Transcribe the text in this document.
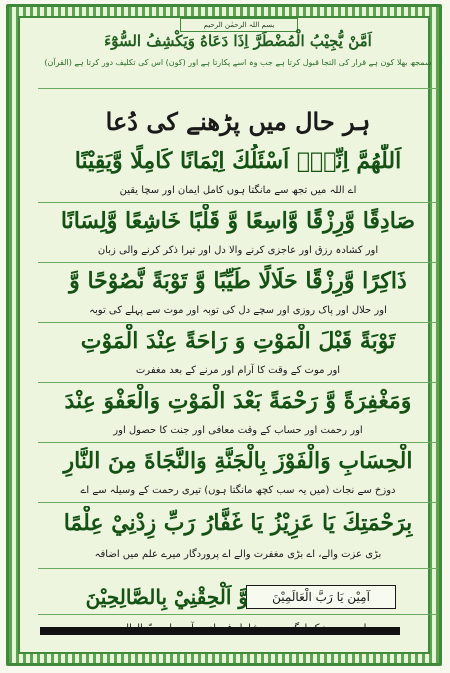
بسم اللہ الرحمٰن الرحیم
اَمَّنْ يُّجِيْبُ الْمُضْطَرَّ اِذَا دَعَاهُ وَيَكْشِفُ السُّوْٓءَ
سمجھ بھلا کون ہے قرار کی التجا قبول کرتا ہے جب وہ اسے پکارتا ہے اور (کون) اس کی تکلیف دور کرتا ہے (القرآن)
ہر حال میں پڑھنے کی دُعا
اَللّٰهُمَّ اِنِّيْۤ اَسْئَلُكَ اِيْمَانًا كَامِلًا وَّيَقِيْنًا
اے اللہ میں تجھ سے مانگتا ہوں کامل ایمان اور سچا یقین
صَادِقًا وَّرِزْقًا وَّاسِعًا وَّ قَلْبًا خَاشِعًا وَّلِسَانًا
اور کشادہ رزق اور عاجزی کرنے والا دل اور تیرا ذکر کرنے والی زبان
ذَاكِرًا وَّرِزْقًا حَلَالًا طَيِّبًا وَّ تَوْبَةً نَّصُوْحًا وَّ
اور حلال اور پاک روزی اور سچے دل کی توبہ اور موت سے پہلے کی توبہ
تَوْبَةً قَبْلَ الْمَوْتِ وَ رَاحَةً عِنْدَ الْمَوْتِ
اور موت کے وقت کا آرام اور مرنے کے بعد مغفرت
وَمَغْفِرَةً وَّ رَحْمَةً بَعْدَ الْمَوْتِ وَالْعَفْوَ عِنْدَ
اور رحمت اور حساب کے وقت معافی اور جنت کا حصول اور
الْحِسَابِ وَالْفَوْزَ بِالْجَنَّةِ وَالنَّجَاةَ مِنَ النَّارِ
دوزخ سے نجات (میں یہ سب کچھ مانگتا ہوں) تیری رحمت کے وسیلہ سے اے
بِرَحْمَتِكَ يَا عَزِيْزُ يَا غَفَّارُ رَبِّ زِدْنِيْ عِلْمًا
بڑی عزت والے، اے بڑی مغفرت والے اے پروردگار میرے علم میں اضافہ
آمِيْن يَا رَبَّ الْعَالَمِيْنَ
وَّ اَلْحِقْنِيْ بِالصَّالِحِيْنَ
